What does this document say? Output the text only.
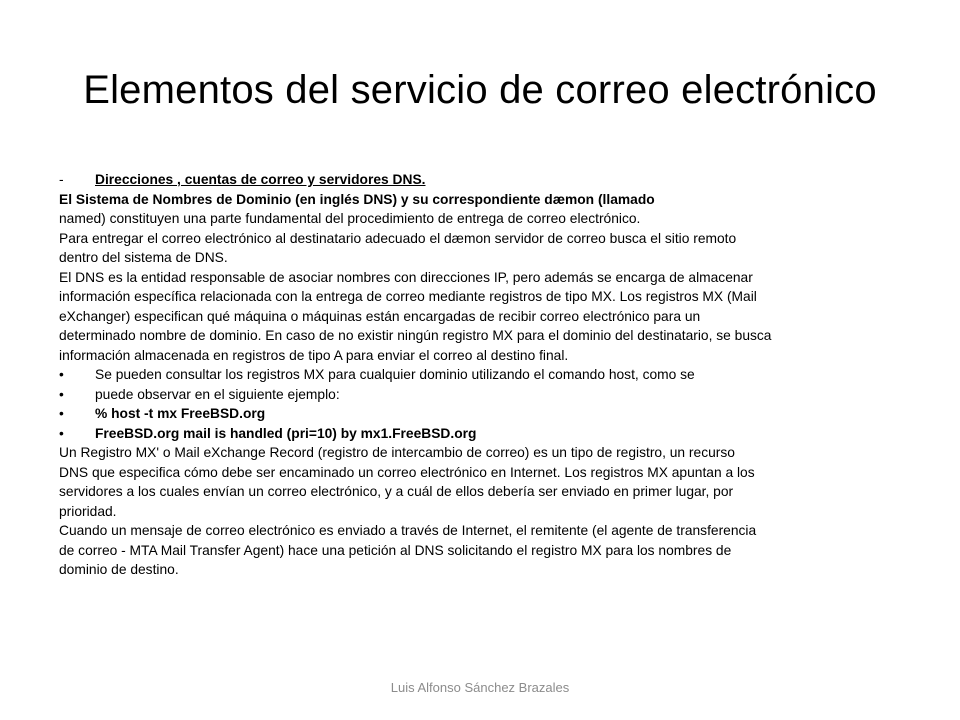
Elementos del servicio de correo electrónico
- Direcciones , cuentas de correo y servidores DNS.
El Sistema de Nombres de Dominio (en inglés DNS) y su correspondiente dæmon (llamado
named) constituyen una parte fundamental del procedimiento de entrega de correo electrónico.
Para entregar el correo electrónico al destinatario adecuado el dæmon servidor de correo busca el sitio remoto
dentro del sistema de DNS.
El DNS es la entidad responsable de asociar nombres con direcciones IP, pero además se encarga de almacenar
información específica relacionada con la entrega de correo mediante registros de tipo MX. Los registros MX (Mail
eXchanger) especifican qué máquina o máquinas están encargadas de recibir correo electrónico para un
determinado nombre de dominio. En caso de no existir ningún registro MX para el dominio del destinatario, se busca
información almacenada en registros de tipo A para enviar el correo al destino final.
• Se pueden consultar los registros MX para cualquier dominio utilizando el comando host, como se
• puede observar en el siguiente ejemplo:
• % host -t mx FreeBSD.org
• FreeBSD.org mail is handled (pri=10) by mx1.FreeBSD.org
Un Registro MX' o Mail eXchange Record (registro de intercambio de correo) es un tipo de registro, un recurso
DNS que especifica cómo debe ser encaminado un correo electrónico en Internet. Los registros MX apuntan a los
servidores a los cuales envían un correo electrónico, y a cuál de ellos debería ser enviado en primer lugar, por
prioridad.
Cuando un mensaje de correo electrónico es enviado a través de Internet, el remitente (el agente de transferencia
de correo - MTA Mail Transfer Agent) hace una petición al DNS solicitando el registro MX para los nombres de
dominio de destino.
Luis Alfonso Sánchez Brazales
